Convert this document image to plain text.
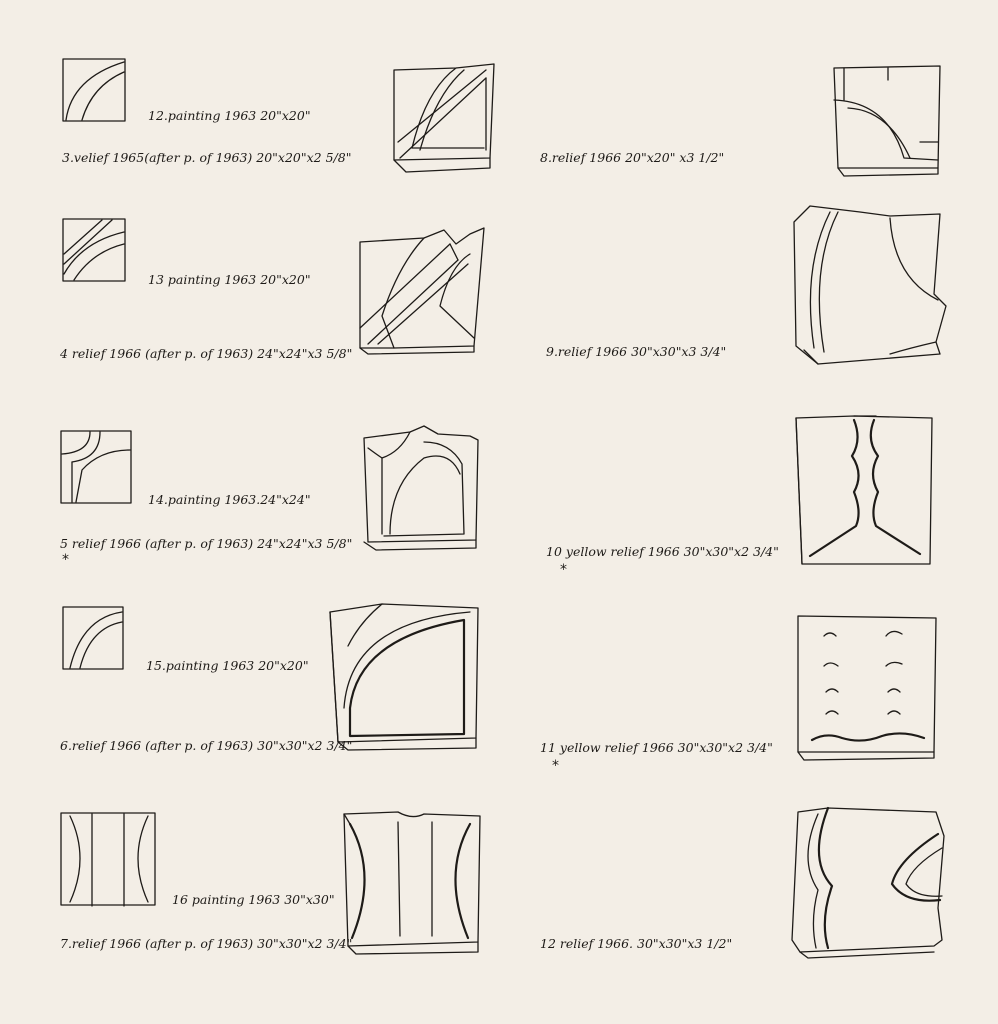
12.painting 1963 20"x20"
3.velief 1965(after p. of 1963) 20"x20"x2 5/8"
13 painting 1963 20"x20"
4 relief 1966 (after p. of 1963) 24"x24"x3 5/8"
14.painting 1963.24"x24"
5 relief 1966 (after p. of 1963) 24"x24"x3 5/8"
*
15.painting 1963 20"x20"
6.relief 1966 (after p. of 1963) 30"x30"x2 3/4"
16 painting 1963 30"x30"
7.relief 1966 (after p. of 1963) 30"x30"x2 3/4"
8.relief 1966 20"x20" x3 1/2"
9.relief 1966 30"x30"x3 3/4"
10 yellow relief 1966 30"x30"x2 3/4"
*
11 yellow relief 1966 30"x30"x2 3/4"
*
12 relief 1966. 30"x30"x3 1/2"
